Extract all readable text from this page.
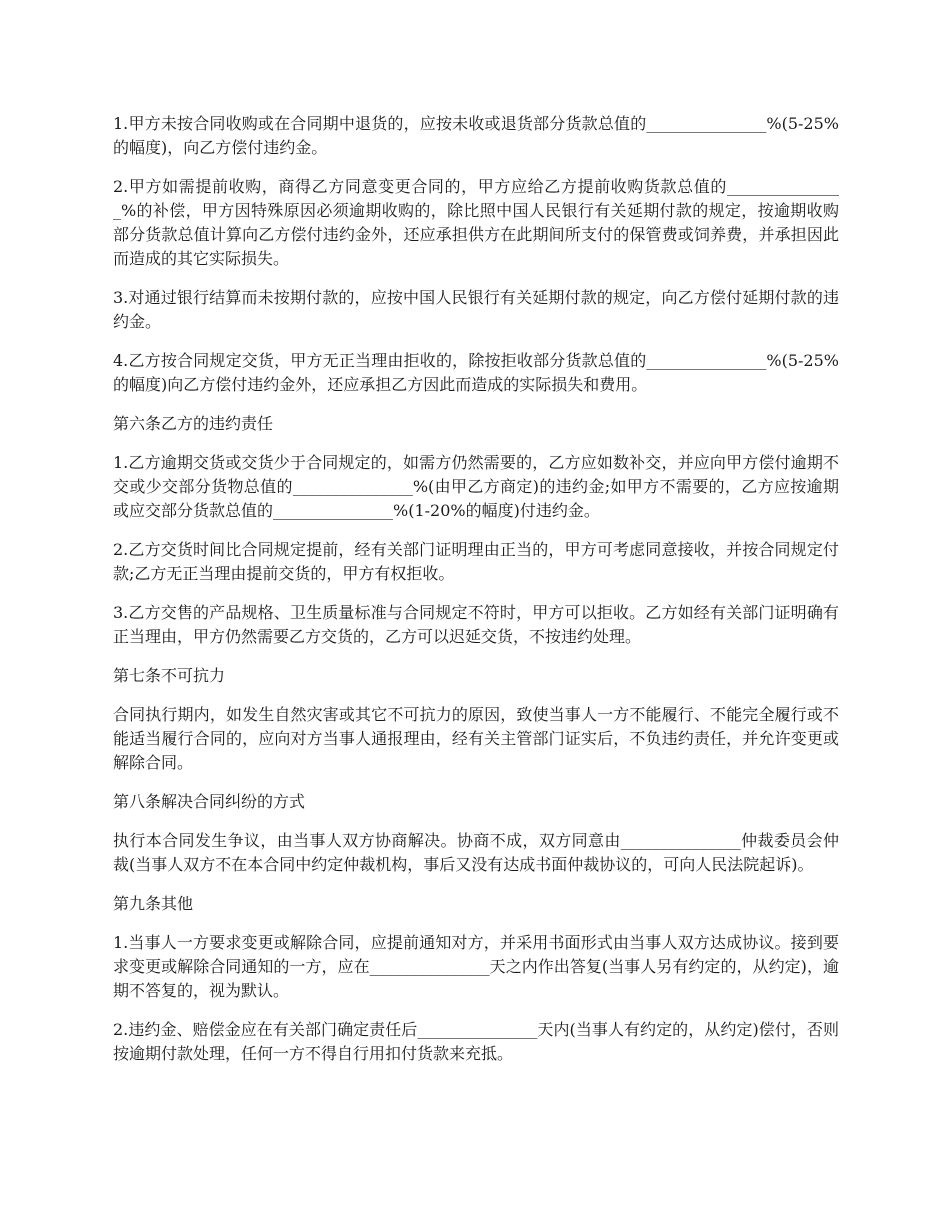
1.甲方未按合同收购或在合同期中退货的，应按未收或退货部分货款总值的_______________%(5-25%的幅度)，向乙方偿付违约金。

2.甲方如需提前收购，商得乙方同意变更合同的，甲方应给乙方提前收购货款总值的_______________%的补偿，甲方因特殊原因必须逾期收购的，除比照中国人民银行有关延期付款的规定，按逾期收购部分货款总值计算向乙方偿付违约金外，还应承担供方在此期间所支付的保管费或饲养费，并承担因此而造成的其它实际损失。

3.对通过银行结算而未按期付款的，应按中国人民银行有关延期付款的规定，向乙方偿付延期付款的违约金。

4.乙方按合同规定交货，甲方无正当理由拒收的，除按拒收部分货款总值的_______________%(5-25%的幅度)向乙方偿付违约金外，还应承担乙方因此而造成的实际损失和费用。

第六条乙方的违约责任

1.乙方逾期交货或交货少于合同规定的，如需方仍然需要的，乙方应如数补交，并应向甲方偿付逾期不交或少交部分货物总值的_______________%(由甲乙方商定)的违约金;如甲方不需要的，乙方应按逾期或应交部分货款总值的_______________%(1-20%的幅度)付违约金。

2.乙方交货时间比合同规定提前，经有关部门证明理由正当的，甲方可考虑同意接收，并按合同规定付款;乙方无正当理由提前交货的，甲方有权拒收。

3.乙方交售的产品规格、卫生质量标准与合同规定不符时，甲方可以拒收。乙方如经有关部门证明确有正当理由，甲方仍然需要乙方交货的，乙方可以迟延交货，不按违约处理。

第七条不可抗力

合同执行期内，如发生自然灾害或其它不可抗力的原因，致使当事人一方不能履行、不能完全履行或不能适当履行合同的，应向对方当事人通报理由，经有关主管部门证实后，不负违约责任，并允许变更或解除合同。

第八条解决合同纠纷的方式

执行本合同发生争议，由当事人双方协商解决。协商不成，双方同意由_______________仲裁委员会仲裁(当事人双方不在本合同中约定仲裁机构，事后又没有达成书面仲裁协议的，可向人民法院起诉)。

第九条其他

1.当事人一方要求变更或解除合同，应提前通知对方，并采用书面形式由当事人双方达成协议。接到要求变更或解除合同通知的一方，应在_______________天之内作出答复(当事人另有约定的，从约定)，逾期不答复的，视为默认。

2.违约金、赔偿金应在有关部门确定责任后_______________天内(当事人有约定的，从约定)偿付，否则按逾期付款处理，任何一方不得自行用扣付货款来充抵。
